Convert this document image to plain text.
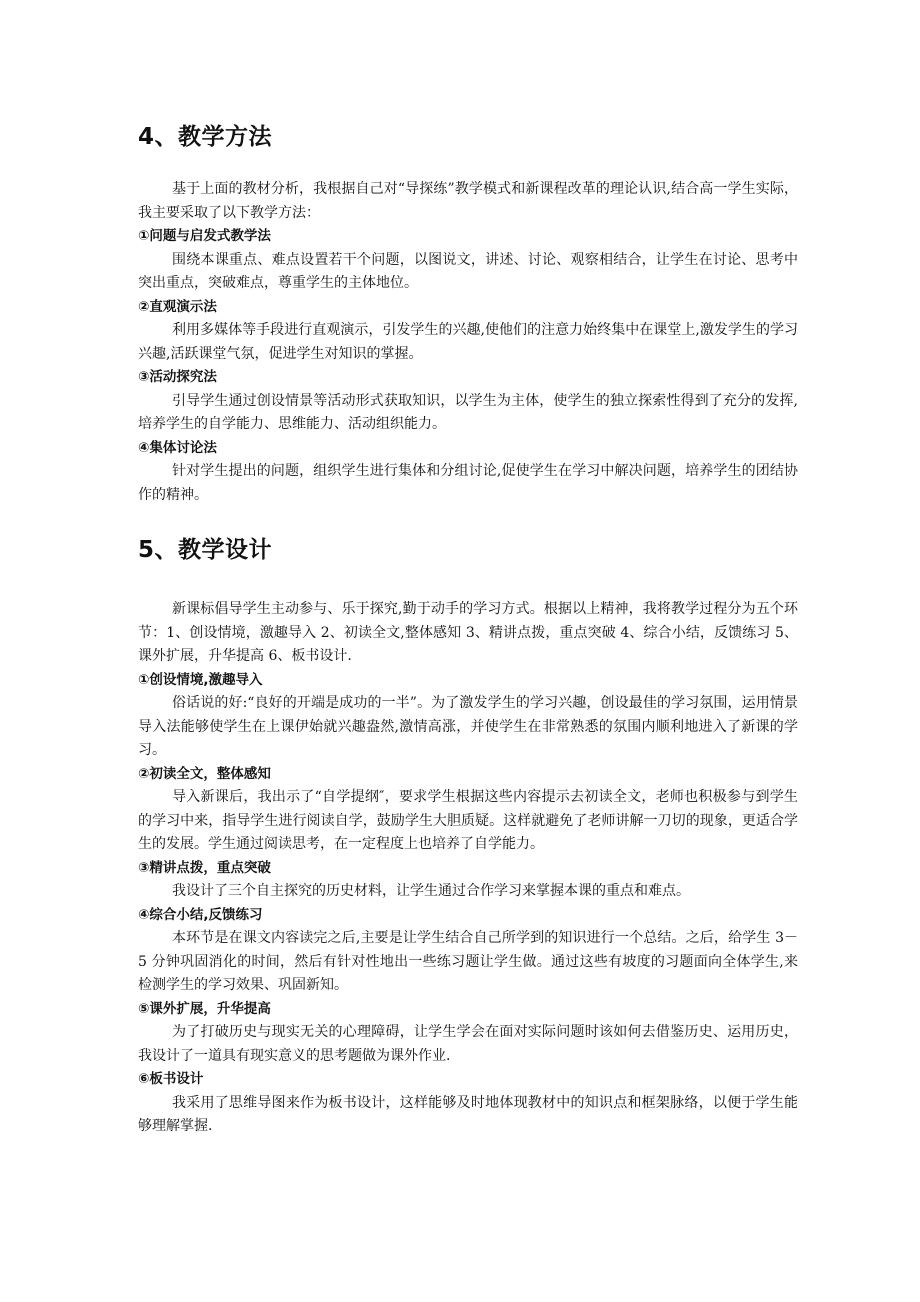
4、教学方法

基于上面的教材分析，我根据自己对“导探练”教学模式和新课程改革的理论认识,结合高一学生实际，我主要采取了以下教学方法：

①问题与启发式教学法

围绕本课重点、难点设置若干个问题，以图说文，讲述、讨论、观察相结合，让学生在讨论、思考中突出重点，突破难点，尊重学生的主体地位。

②直观演示法

利用多媒体等手段进行直观演示，引发学生的兴趣,使他们的注意力始终集中在课堂上,激发学生的学习兴趣,活跃课堂气氛，促进学生对知识的掌握。

③活动探究法

引导学生通过创设情景等活动形式获取知识，以学生为主体，使学生的独立探索性得到了充分的发挥,培养学生的自学能力、思维能力、活动组织能力。

④集体讨论法

针对学生提出的问题，组织学生进行集体和分组讨论,促使学生在学习中解决问题，培养学生的团结协作的精神。

5、教学设计

新课标倡导学生主动参与、乐于探究,勤于动手的学习方式。根据以上精神，我将教学过程分为五个环节：1、创设情境，激趣导入 2、初读全文,整体感知 3、精讲点拨，重点突破 4、综合小结，反馈练习 5、课外扩展，升华提高 6、板书设计.

①创设情境,激趣导入

俗话说的好:“良好的开端是成功的一半”。为了激发学生的学习兴趣，创设最佳的学习氛围，运用情景导入法能够使学生在上课伊始就兴趣盎然,激情高涨，并使学生在非常熟悉的氛围内顺利地进入了新课的学习。

②初读全文，整体感知

导入新课后，我出示了“自学提纲″，要求学生根据这些内容提示去初读全文，老师也积极参与到学生的学习中来，指导学生进行阅读自学，鼓励学生大胆质疑。这样就避免了老师讲解一刀切的现象，更适合学生的发展。学生通过阅读思考，在一定程度上也培养了自学能力。

③精讲点拨，重点突破

我设计了三个自主探究的历史材料，让学生通过合作学习来掌握本课的重点和难点。

④综合小结,反馈练习

本环节是在课文内容读完之后,主要是让学生结合自己所学到的知识进行一个总结。之后，给学生 3－5 分钟巩固消化的时间，然后有针对性地出一些练习题让学生做。通过这些有坡度的习题面向全体学生,来检测学生的学习效果、巩固新知。

⑤课外扩展，升华提高

为了打破历史与现实无关的心理障碍，让学生学会在面对实际问题时该如何去借鉴历史、运用历史，我设计了一道具有现实意义的思考题做为课外作业.

⑥板书设计

我采用了思维导图来作为板书设计，这样能够及时地体现教材中的知识点和框架脉络，以便于学生能够理解掌握.
